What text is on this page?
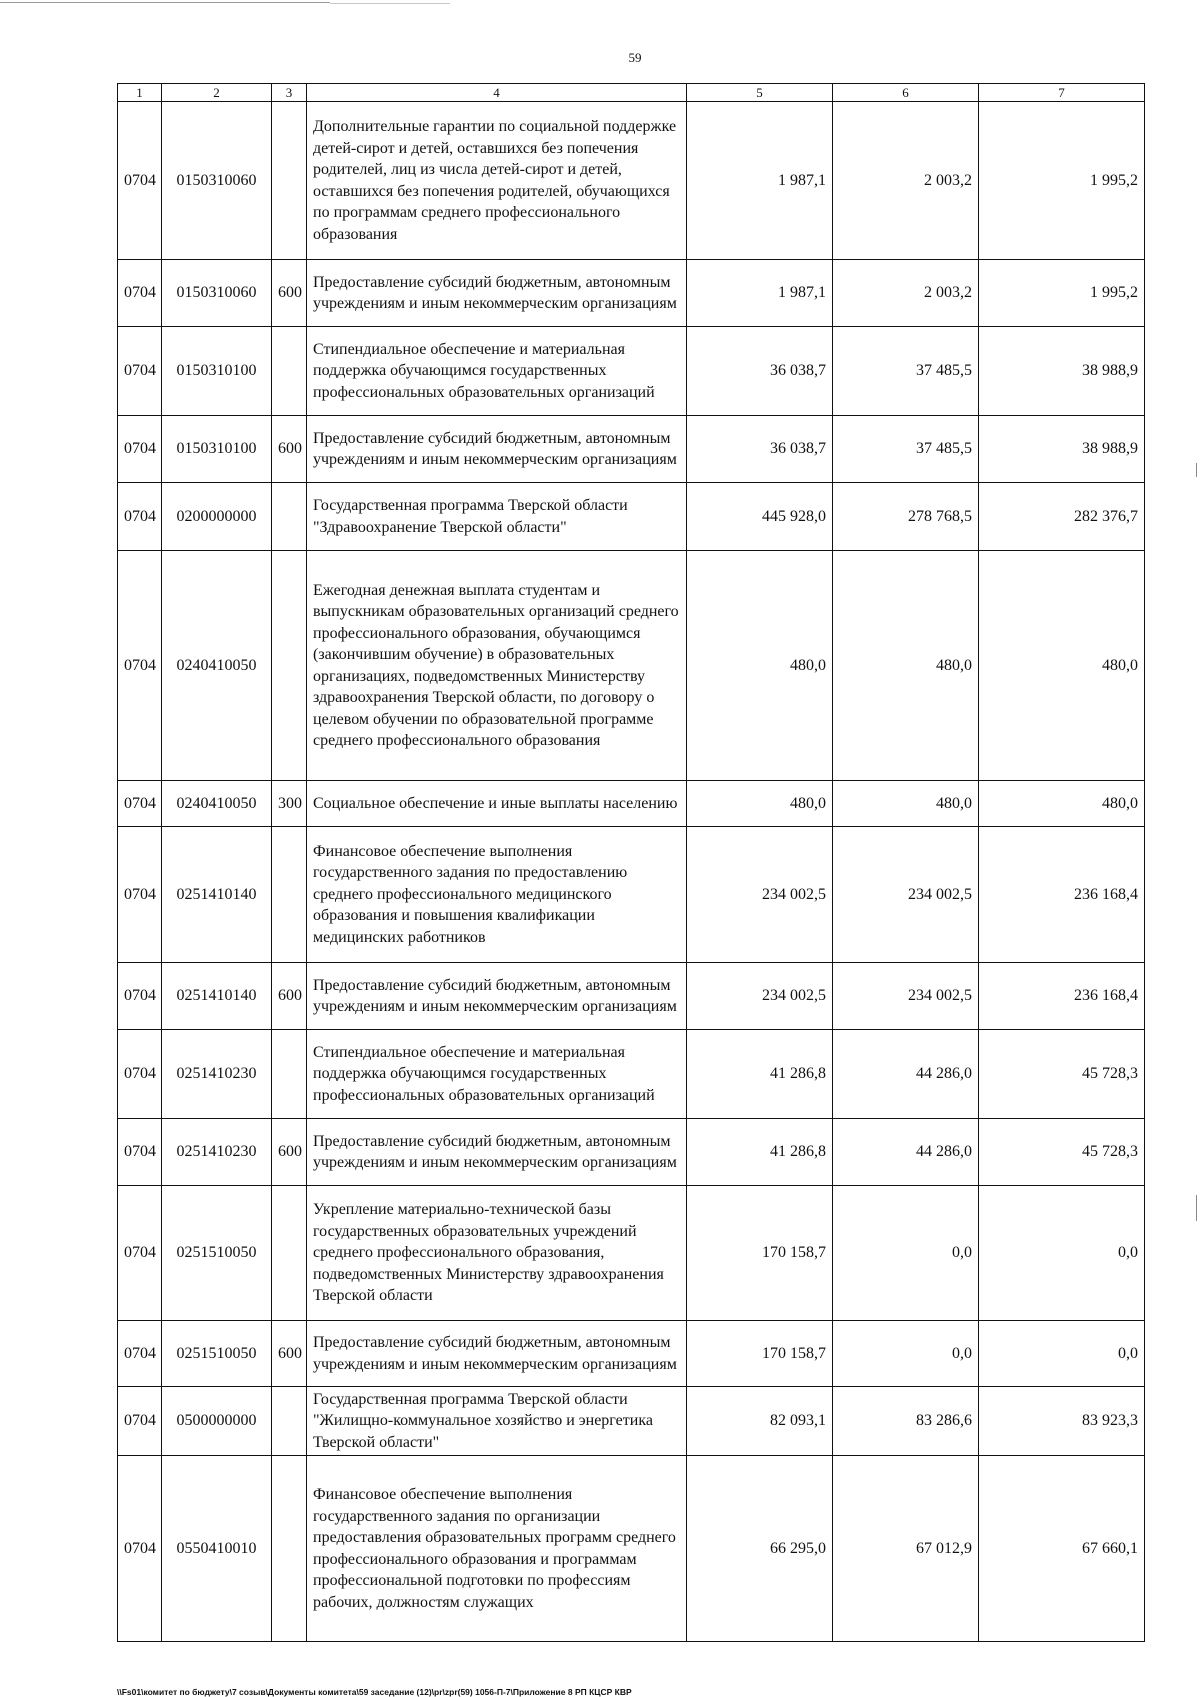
59
1	2	3	4	5	6	7
0704	0150310060		Дополнительные гарантии по социальной поддержке детей-сирот и детей, оставшихся без попечения родителей, лиц из числа детей-сирот и детей, оставшихся без попечения родителей, обучающихся по программам среднего профессионального образования	1 987,1	2 003,2	1 995,2
0704	0150310060	600	Предоставление субсидий бюджетным, автономным учреждениям и иным некоммерческим организациям	1 987,1	2 003,2	1 995,2
0704	0150310100		Стипендиальное обеспечение и материальная поддержка обучающимся государственных профессиональных образовательных организаций	36 038,7	37 485,5	38 988,9
0704	0150310100	600	Предоставление субсидий бюджетным, автономным учреждениям и иным некоммерческим организациям	36 038,7	37 485,5	38 988,9
0704	0200000000		Государственная программа Тверской области "Здравоохранение Тверской области"	445 928,0	278 768,5	282 376,7
0704	0240410050		Ежегодная денежная выплата студентам и выпускникам образовательных организаций среднего профессионального образования, обучающимся (закончившим обучение) в образовательных организациях, подведомственных Министерству здравоохранения Тверской области, по договору о целевом обучении по образовательной программе среднего профессионального образования	480,0	480,0	480,0
0704	0240410050	300	Социальное обеспечение и иные выплаты населению	480,0	480,0	480,0
0704	0251410140		Финансовое обеспечение выполнения государственного задания по предоставлению среднего профессионального медицинского образования и повышения квалификации медицинских работников	234 002,5	234 002,5	236 168,4
0704	0251410140	600	Предоставление субсидий бюджетным, автономным учреждениям и иным некоммерческим организациям	234 002,5	234 002,5	236 168,4
0704	0251410230		Стипендиальное обеспечение и материальная поддержка обучающимся государственных профессиональных образовательных организаций	41 286,8	44 286,0	45 728,3
0704	0251410230	600	Предоставление субсидий бюджетным, автономным учреждениям и иным некоммерческим организациям	41 286,8	44 286,0	45 728,3
0704	0251510050		Укрепление материально-технической базы государственных образовательных учреждений среднего профессионального образования, подведомственных Министерству здравоохранения Тверской области	170 158,7	0,0	0,0
0704	0251510050	600	Предоставление субсидий бюджетным, автономным учреждениям и иным некоммерческим организациям	170 158,7	0,0	0,0
0704	0500000000		Государственная программа Тверской области "Жилищно-коммунальное хозяйство и энергетика Тверской области"	82 093,1	83 286,6	83 923,3
0704	0550410010		Финансовое обеспечение выполнения государственного задания по организации предоставления образовательных программ среднего профессионального образования и программам профессиональной подготовки по профессиям рабочих, должностям служащих	66 295,0	67 012,9	67 660,1
\\Fs01\комитет по бюджету\7 созыв\Документы комитета\59 заседание (12)\pr\zpr(59) 1056-П-7\Приложение 8 РП КЦСР КВР
